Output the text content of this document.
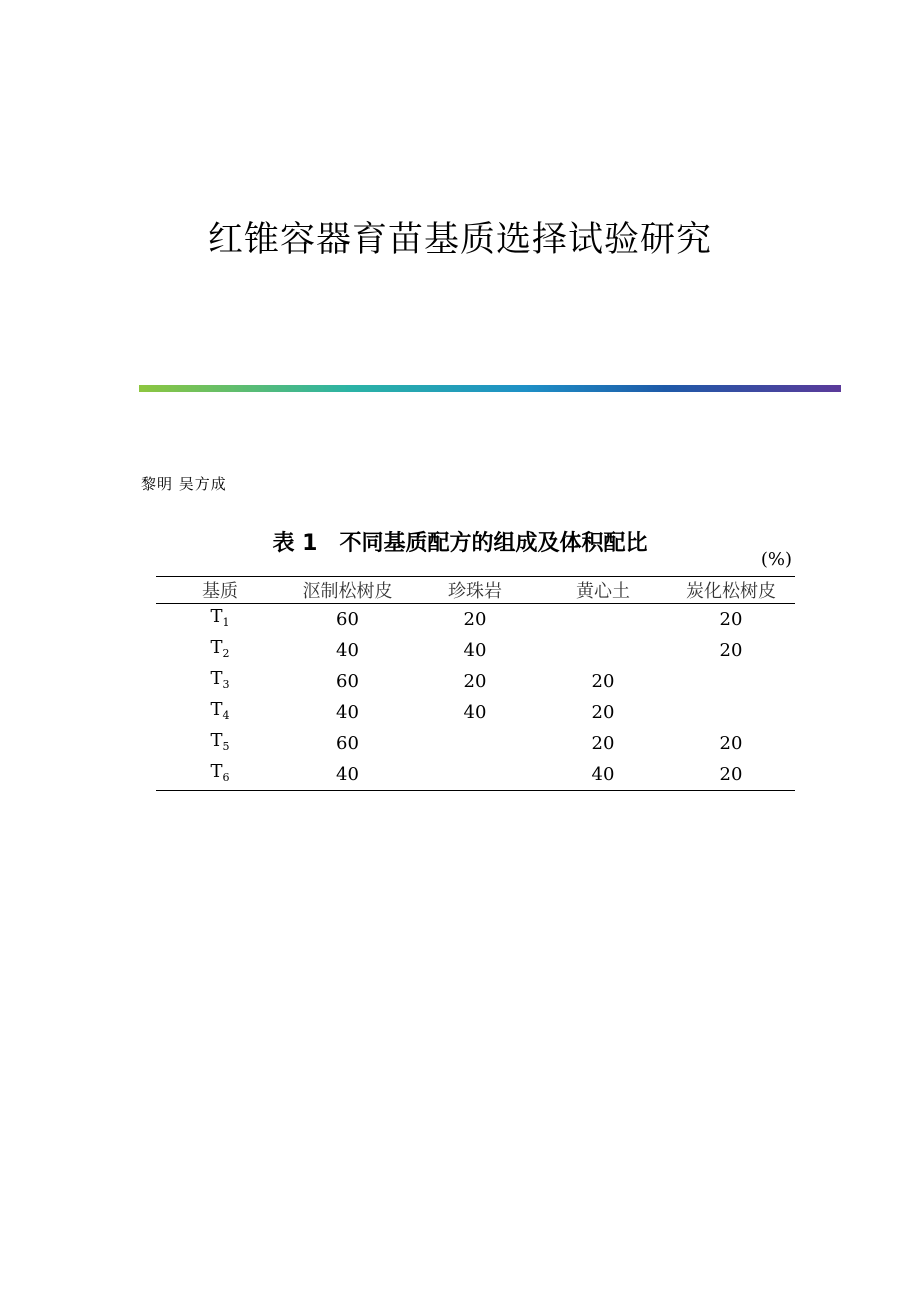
红锥容器育苗基质选择试验研究
黎明 吴方成
表 1　不同基质配方的组成及体积配比
(%)
基质	沤制松树皮	珍珠岩	黄心土	炭化松树皮
$T_1$	60	20		20
$T_2$	40	40		20
$T_3$	60	20	20	
$T_4$	40	40	20	
$T_5$	60		20	20
$T_6$	40		40	20
